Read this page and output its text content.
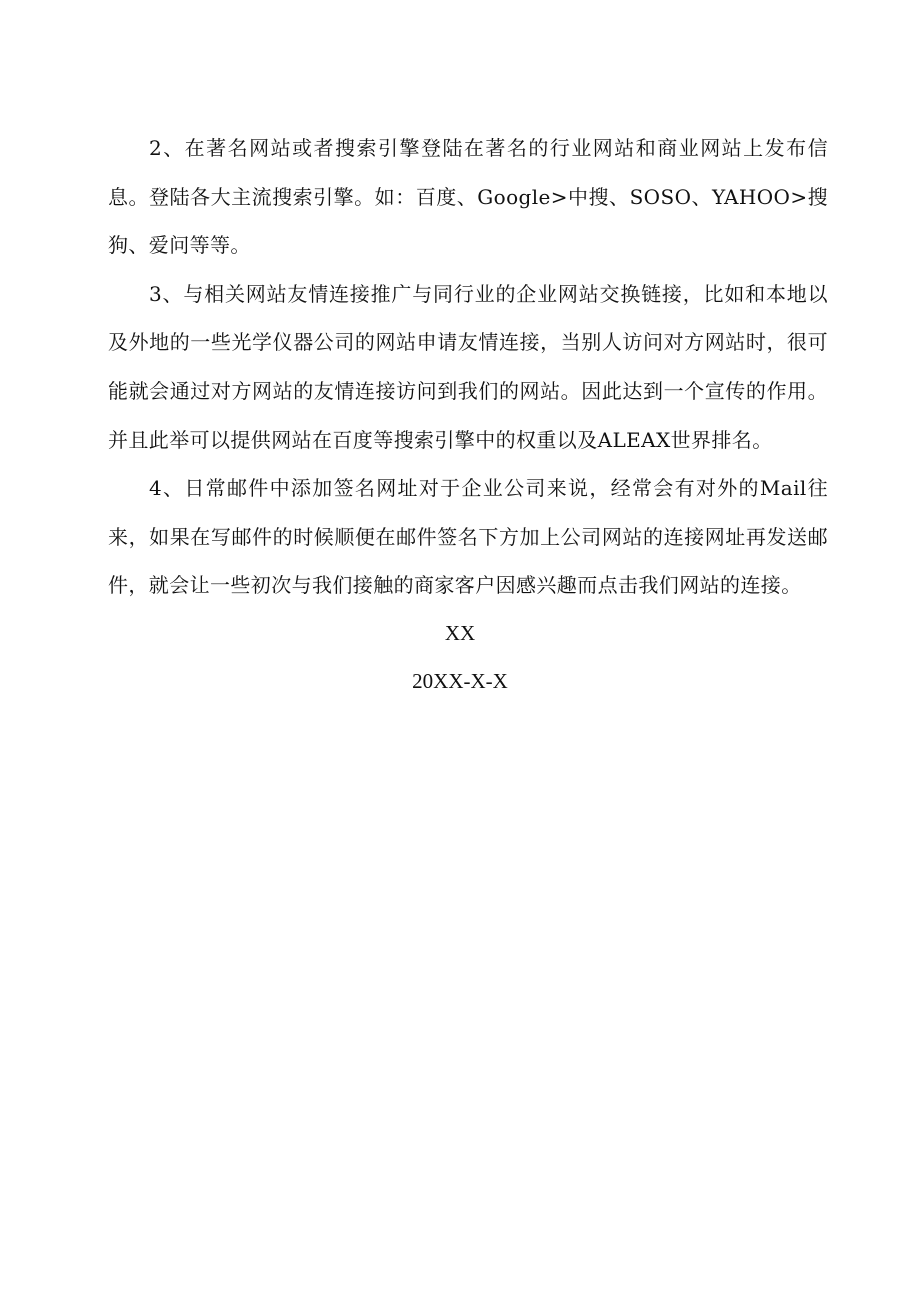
2、在著名网站或者搜索引擎登陆在著名的行业网站和商业网站上发布信息。登陆各大主流搜索引擎。如：百度、Google>中搜、SOSO、YAHOO>搜狗、爱问等等。

3、与相关网站友情连接推广与同行业的企业网站交换链接，比如和本地以及外地的一些光学仪器公司的网站申请友情连接，当别人访问对方网站时，很可能就会通过对方网站的友情连接访问到我们的网站。因此达到一个宣传的作用。并且此举可以提供网站在百度等搜索引擎中的权重以及ALEAX世界排名。

4、日常邮件中添加签名网址对于企业公司来说，经常会有对外的Mail往来，如果在写邮件的时候顺便在邮件签名下方加上公司网站的连接网址再发送邮件，就会让一些初次与我们接触的商家客户因感兴趣而点击我们网站的连接。

XX

20XX-X-X
